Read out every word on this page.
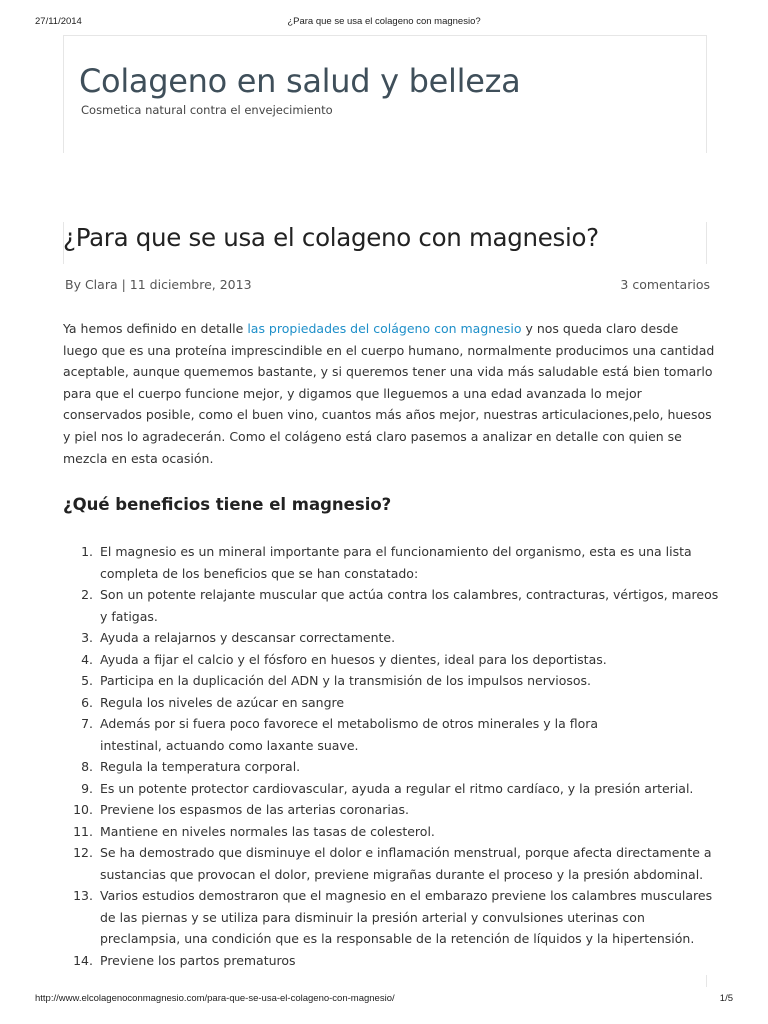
27/11/2014	¿Para que se usa el colageno con magnesio?
Colageno en salud y belleza
Cosmetica natural contra el envejecimiento
¿Para que se usa el colageno con magnesio?
By Clara | 11 diciembre, 2013	3 comentarios

Ya hemos definido en detalle las propiedades del colágeno con magnesio y nos queda claro desde
luego que es una proteína imprescindible en el cuerpo humano, normalmente producimos una cantidad
aceptable, aunque quememos bastante, y si queremos tener una vida más saludable está bien tomarlo
para que el cuerpo funcione mejor, y digamos que lleguemos a una edad avanzada lo mejor
conservados posible, como el buen vino, cuantos más años mejor, nuestras articulaciones,pelo, huesos
y piel nos lo agradecerán. Como el colágeno está claro pasemos a analizar en detalle con quien se
mezcla en esta ocasión.

¿Qué beneficios tiene el magnesio?
1. El magnesio es un mineral importante para el funcionamiento del organismo, esta es una lista
completa de los beneficios que se han constatado:
2. Son un potente relajante muscular que actúa contra los calambres, contracturas, vértigos, mareos
y fatigas.
3. Ayuda a relajarnos y descansar correctamente.
4. Ayuda a fijar el calcio y el fósforo en huesos y dientes, ideal para los deportistas.
5. Participa en la duplicación del ADN y la transmisión de los impulsos nerviosos.
6. Regula los niveles de azúcar en sangre
7. Además por si fuera poco favorece el metabolismo de otros minerales y la flora
intestinal, actuando como laxante suave.
8. Regula la temperatura corporal.
9. Es un potente protector cardiovascular, ayuda a regular el ritmo cardíaco, y la presión arterial.
10. Previene los espasmos de las arterias coronarias.
11. Mantiene en niveles normales las tasas de colesterol.
12. Se ha demostrado que disminuye el dolor e inflamación menstrual, porque afecta directamente a
sustancias que provocan el dolor, previene migrañas durante el proceso y la presión abdominal.
13. Varios estudios demostraron que el magnesio en el embarazo previene los calambres musculares
de las piernas y se utiliza para disminuir la presión arterial y convulsiones uterinas con
preclampsia, una condición que es la responsable de la retención de líquidos y la hipertensión.
14. Previene los partos prematuros
http://www.elcolagenoconmagnesio.com/para-que-se-usa-el-colageno-con-magnesio/	1/5
